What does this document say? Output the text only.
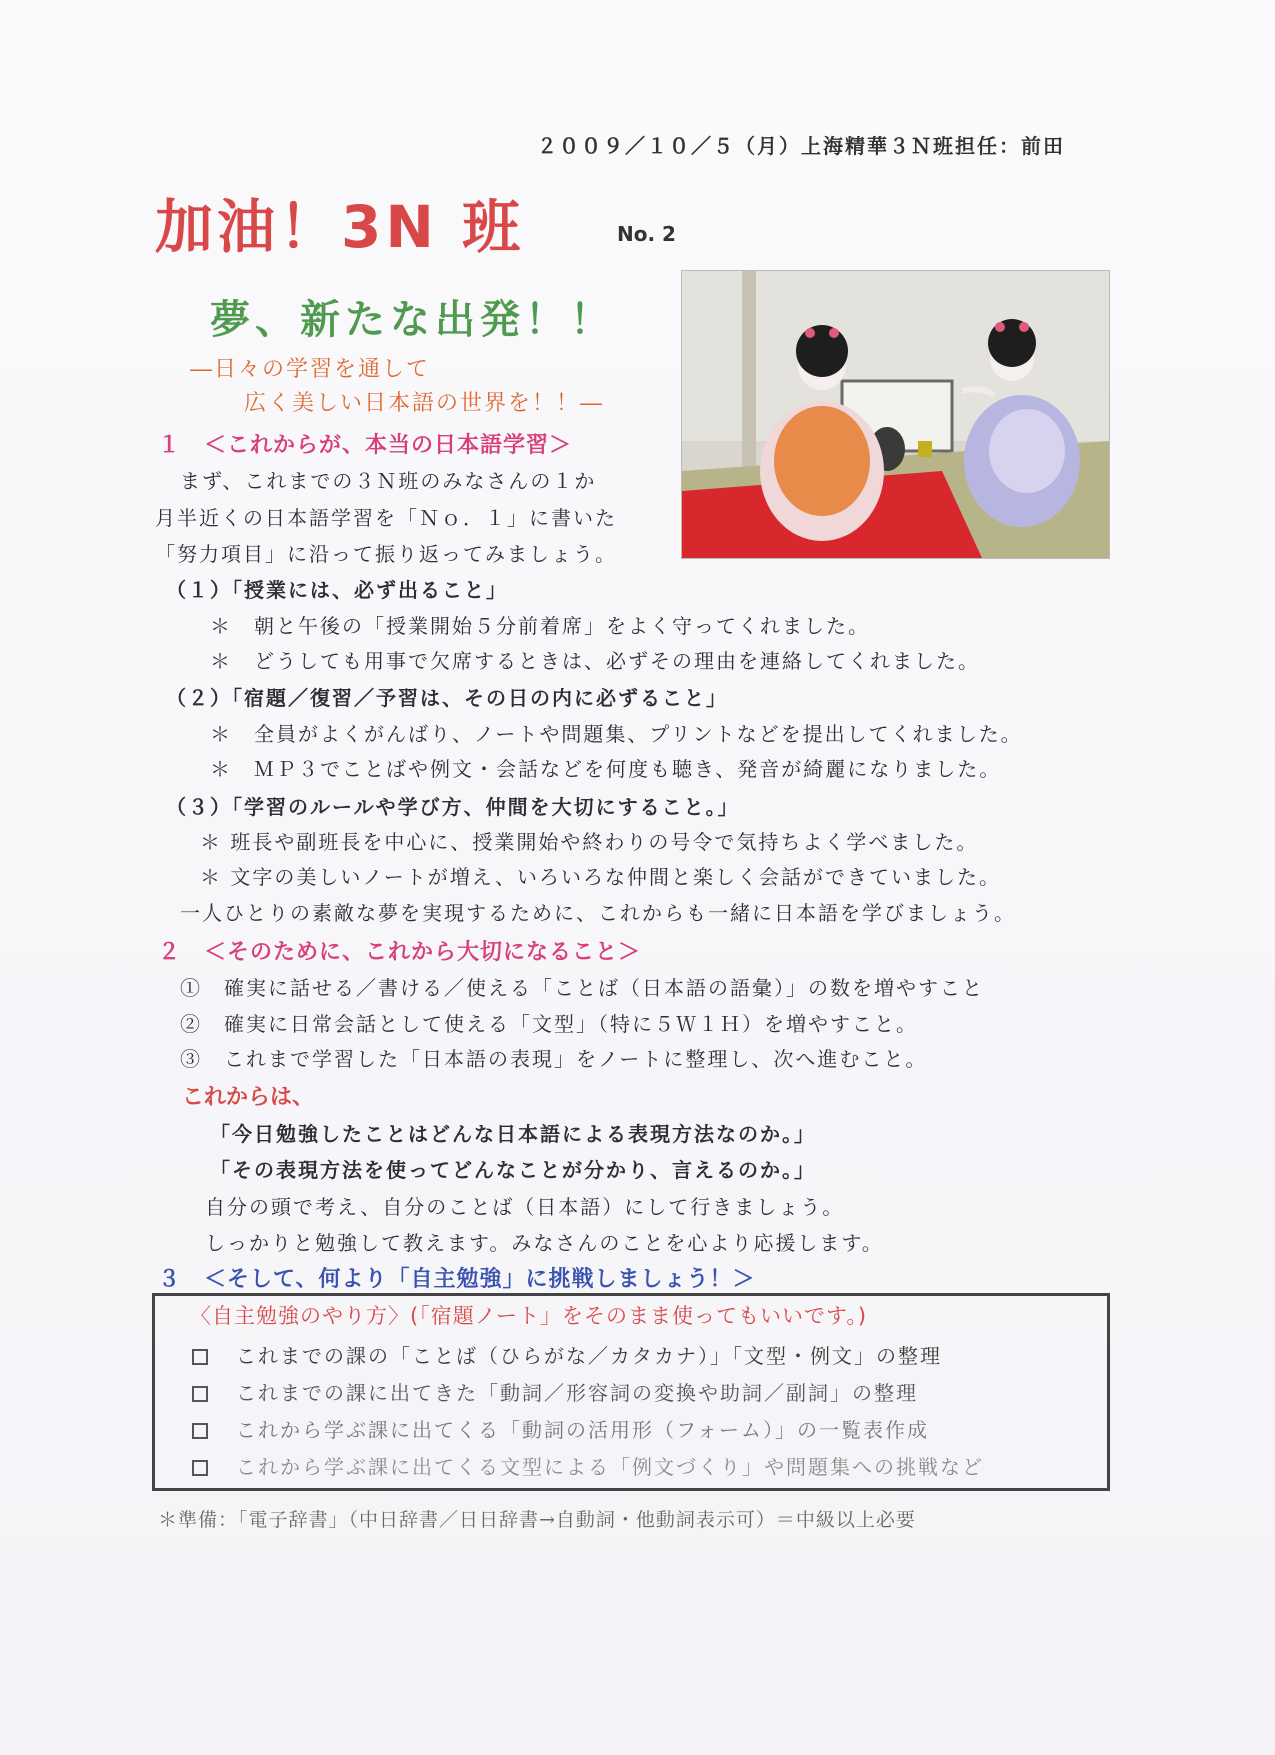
２００９／１０／５（月）上海精華３Ｎ班担任：前田
加油！3N 班	No. 2
夢、新たな出発！！
―日々の学習を通して
広く美しい日本語の世界を！！―
１　＜これからが、本当の日本語学習＞
まず、これまでの３Ｎ班のみなさんの１か
月半近くの日本語学習を「Ｎｏ．１」に書いた
「努力項目」に沿って振り返ってみましょう。
（１）「授業には、必ず出ること」
＊　朝と午後の「授業開始５分前着席」をよく守ってくれました。
＊　どうしても用事で欠席するときは、必ずその理由を連絡してくれました。
（２）「宿題／復習／予習は、その日の内に必ずること」
＊　全員がよくがんばり、ノートや問題集、プリントなどを提出してくれました。
＊　ＭＰ３でことばや例文・会話などを何度も聴き、発音が綺麗になりました。
（３）「学習のルールや学び方、仲間を大切にすること。」
＊ 班長や副班長を中心に、授業開始や終わりの号令で気持ちよく学べました。
＊ 文字の美しいノートが増え、いろいろな仲間と楽しく会話ができていました。
一人ひとりの素敵な夢を実現するために、これからも一緒に日本語を学びましょう。
２　＜そのために、これから大切になること＞
①　確実に話せる／書ける／使える「ことば（日本語の語彙）」の数を増やすこと
②　確実に日常会話として使える「文型」（特に５Ｗ１Ｈ）を増やすこと。
③　これまで学習した「日本語の表現」をノートに整理し、次へ進むこと。
これからは、
「今日勉強したことはどんな日本語による表現方法なのか。」
「その表現方法を使ってどんなことが分かり、言えるのか。」
自分の頭で考え、自分のことば（日本語）にして行きましょう。
しっかりと勉強して教えます。みなさんのことを心より応援します。
３　＜そして、何より「自主勉強」に挑戦しましょう！＞
〈自主勉強のやり方〉(「宿題ノート」をそのまま使ってもいいです。)
これまでの課の「ことば（ひらがな／カタカナ）」「文型・例文」の整理
これまでの課に出てきた「動詞／形容詞の変換や助詞／副詞」の整理
これから学ぶ課に出てくる「動詞の活用形（フォーム）」の一覧表作成
これから学ぶ課に出てくる文型による「例文づくり」や問題集への挑戦など
＊準備：「電子辞書」（中日辞書／日日辞書→自動詞・他動詞表示可）＝中級以上必要
